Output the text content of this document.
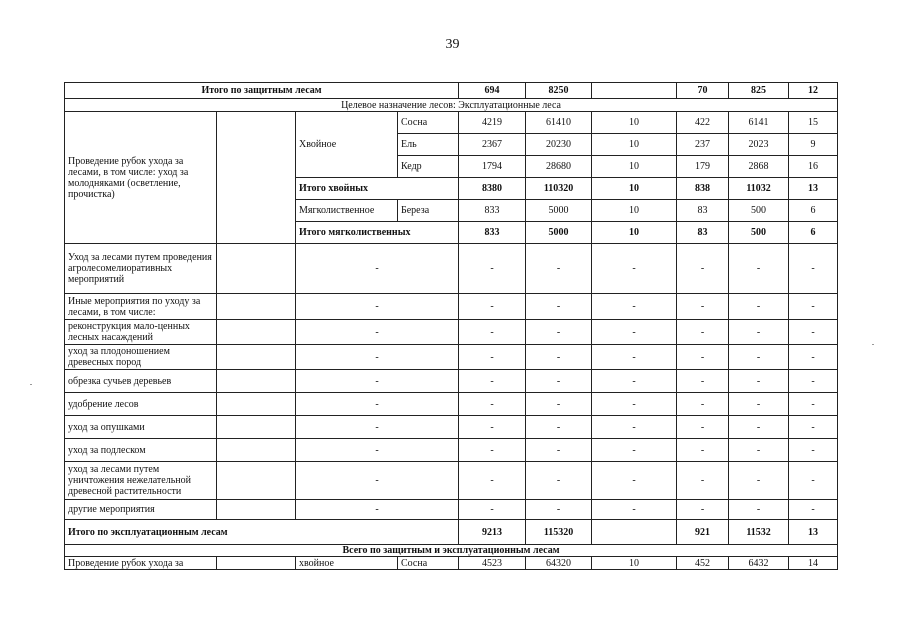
39
Итого по защитным лесам				694	8250		70	825	12
Целевое назначение лесов: Эксплуатационные леса									
Проведение рубок ухода за лесами, в том числе: уход за молодняками (осветление, прочистка)		Хвойное	Сосна	4219	61410	10	422	6141	15
			Ель	2367	20230	10	237	2023	9
			Кедр	1794	28680	10	179	2868	16
		Итого хвойных		8380	110320	10	838	11032	13
		Мягколиственное	Береза	833	5000	10	83	500	6
		Итого мягколиственных		833	5000	10	83	500	6
Уход за лесами путем проведения агролесомелиоративных мероприятий		-		-	-	-	-	-	-
Иные мероприятия по уходу за лесами, в том числе:		-		-	-	-	-	-	-
реконструкция мало-ценных лесных насаждений		-		-	-	-	-	-	-
уход за плодоношением древесных пород		-		-	-	-	-	-	-
обрезка сучьев деревьев		-		-	-	-	-	-	-
удобрение лесов		-		-	-	-	-	-	-
уход за опушками		-		-	-	-	-	-	-
уход за подлеском		-		-	-	-	-	-	-
уход за лесами путем уничтожения нежелательной древесной растительности		-		-	-	-	-	-	-
другие мероприятия		-		-	-	-	-	-	-
Итого по эксплуатационным лесам				9213	115320		921	11532	13
Всего по защитным и эксплуатационным лесам									
Проведение рубок ухода за		хвойное	Сосна	4523	64320	10	452	6432	14
